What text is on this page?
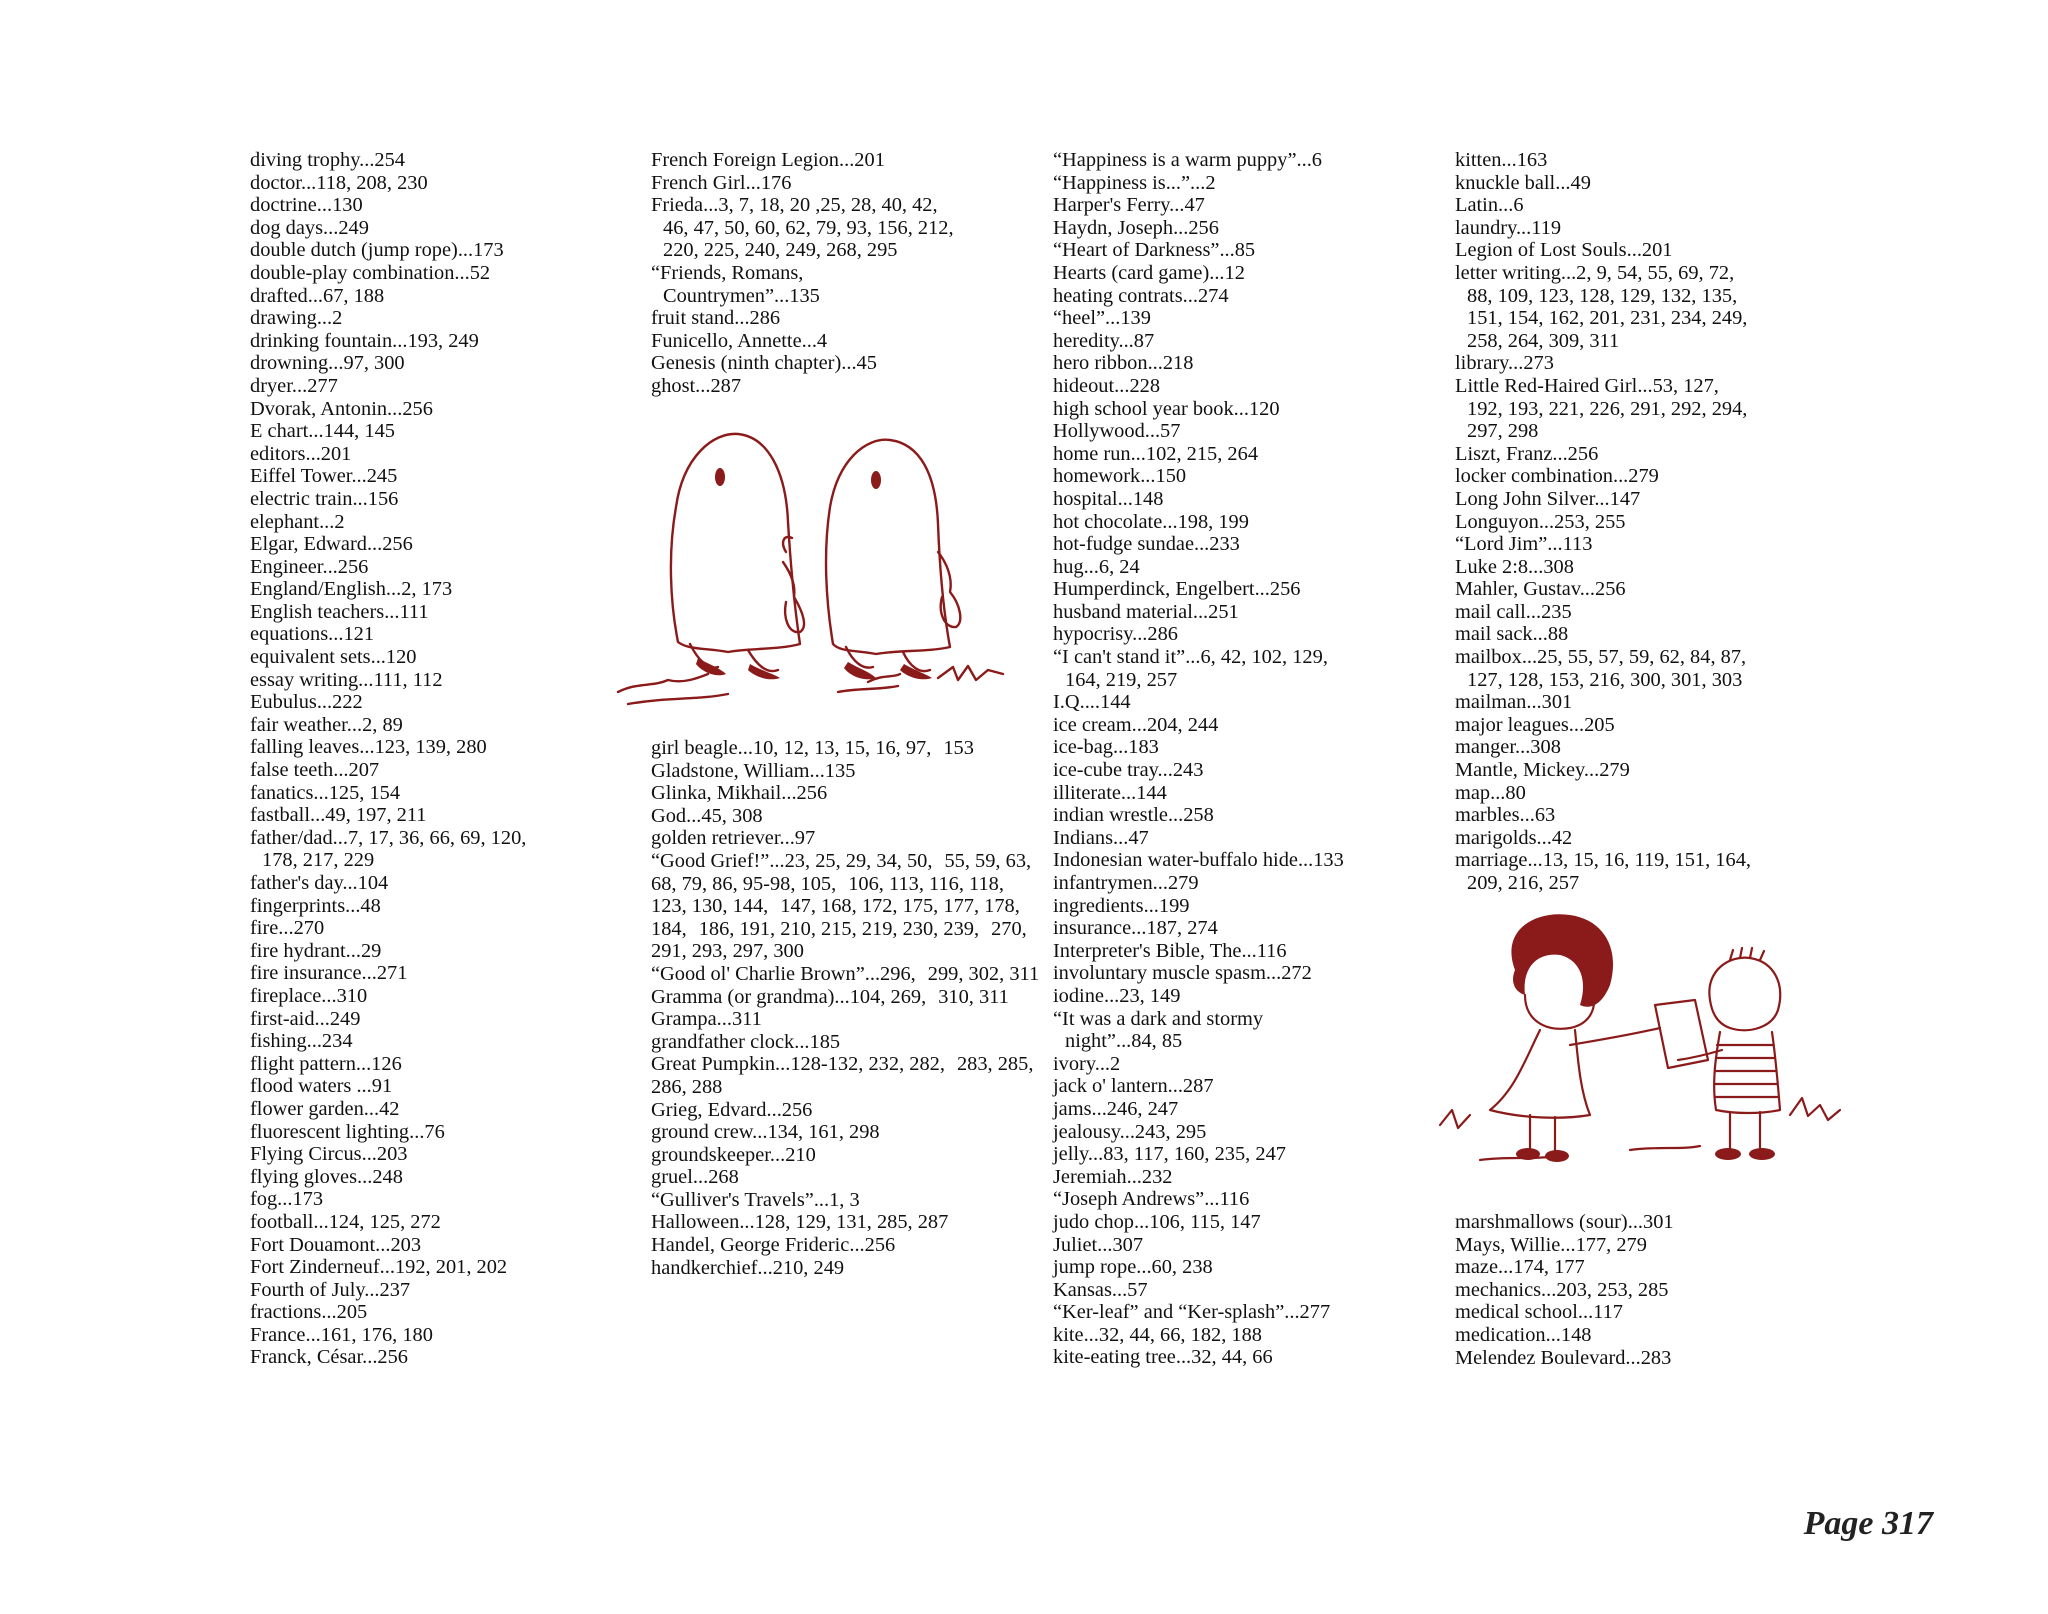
diving trophy...254
doctor...118, 208, 230
doctrine...130
dog days...249
double dutch (jump rope)...173
double-play combination...52
drafted...67, 188
drawing...2
drinking fountain...193, 249
drowning...97, 300
dryer...277
Dvorak, Antonin...256
E chart...144, 145
editors...201
Eiffel Tower...245
electric train...156
elephant...2
Elgar, Edward...256
Engineer...256
England/English...2, 173
English teachers...111
equations...121
equivalent sets...120
essay writing...111, 112
Eubulus...222
fair weather...2, 89
falling leaves...123, 139, 280
false teeth...207
fanatics...125, 154
fastball...49, 197, 211
father/dad...7, 17, 36, 66, 69, 120,
178, 217, 229
father's day...104
fingerprints...48
fire...270
fire hydrant...29
fire insurance...271
fireplace...310
first-aid...249
fishing...234
flight pattern...126
flood waters ...91
flower garden...42
fluorescent lighting...76
Flying Circus...203
flying gloves...248
fog...173
football...124, 125, 272
Fort Douamont...203
Fort Zinderneuf...192, 201, 202
Fourth of July...237
fractions...205
France...161, 176, 180
Franck, César...256
French Foreign Legion...201
French Girl...176
Frieda...3, 7, 18, 20 ,25, 28, 40, 42,
46, 47, 50, 60, 62, 79, 93, 156, 212,
220, 225, 240, 249, 268, 295
“Friends, Romans,
Countrymen”...135
fruit stand...286
Funicello, Annette...4
Genesis (ninth chapter)...45
ghost...287
girl beagle...10, 12, 13, 15, 16, 97, 153
Gladstone, William...135
Glinka, Mikhail...256
God...45, 308
golden retriever...97
“Good Grief!”...23, 25, 29, 34, 50, 55, 59, 63, 68, 79, 86, 95-98, 105, 106, 113, 116, 118, 123, 130, 144, 147, 168, 172, 175, 177, 178, 184, 186, 191, 210, 215, 219, 230, 239, 270, 291, 293, 297, 300
“Good ol' Charlie Brown”...296, 299, 302, 311
Gramma (or grandma)...104, 269, 310, 311
Grampa...311
grandfather clock...185
Great Pumpkin...128-132, 232, 282, 283, 285, 286, 288
Grieg, Edvard...256
ground crew...134, 161, 298
groundskeeper...210
gruel...268
“Gulliver's Travels”...1, 3
Halloween...128, 129, 131, 285, 287
Handel, George Frideric...256
handkerchief...210, 249
“Happiness is a warm puppy”...6
“Happiness is...”...2
Harper's Ferry...47
Haydn, Joseph...256
“Heart of Darkness”...85
Hearts (card game)...12
heating contrats...274
“heel”...139
heredity...87
hero ribbon...218
hideout...228
high school year book...120
Hollywood...57
home run...102, 215, 264
homework...150
hospital...148
hot chocolate...198, 199
hot-fudge sundae...233
hug...6, 24
Humperdinck, Engelbert...256
husband material...251
hypocrisy...286
“I can't stand it”...6, 42, 102, 129,
164, 219, 257
I.Q....144
ice cream...204, 244
ice-bag...183
ice-cube tray...243
illiterate...144
indian wrestle...258
Indians...47
Indonesian water-buffalo hide...133
infantrymen...279
ingredients...199
insurance...187, 274
Interpreter's Bible, The...116
involuntary muscle spasm...272
iodine...23, 149
“It was a dark and stormy
night”...84, 85
ivory...2
jack o' lantern...287
jams...246, 247
jealousy...243, 295
jelly...83, 117, 160, 235, 247
Jeremiah...232
“Joseph Andrews”...116
judo chop...106, 115, 147
Juliet...307
jump rope...60, 238
Kansas...57
“Ker-leaf” and “Ker-splash”...277
kite...32, 44, 66, 182, 188
kite-eating tree...32, 44, 66
kitten...163
knuckle ball...49
Latin...6
laundry...119
Legion of Lost Souls...201
letter writing...2, 9, 54, 55, 69, 72,
88, 109, 123, 128, 129, 132, 135,
151, 154, 162, 201, 231, 234, 249,
258, 264, 309, 311
library...273
Little Red-Haired Girl...53, 127,
192, 193, 221, 226, 291, 292, 294,
297, 298
Liszt, Franz...256
locker combination...279
Long John Silver...147
Longuyon...253, 255
“Lord Jim”...113
Luke 2:8...308
Mahler, Gustav...256
mail call...235
mail sack...88
mailbox...25, 55, 57, 59, 62, 84, 87,
127, 128, 153, 216, 300, 301, 303
mailman...301
major leagues...205
manger...308
Mantle, Mickey...279
map...80
marbles...63
marigolds...42
marriage...13, 15, 16, 119, 151, 164,
209, 216, 257
marshmallows (sour)...301
Mays, Willie...177, 279
maze...174, 177
mechanics...203, 253, 285
medical school...117
medication...148
Melendez Boulevard...283
Page 317
